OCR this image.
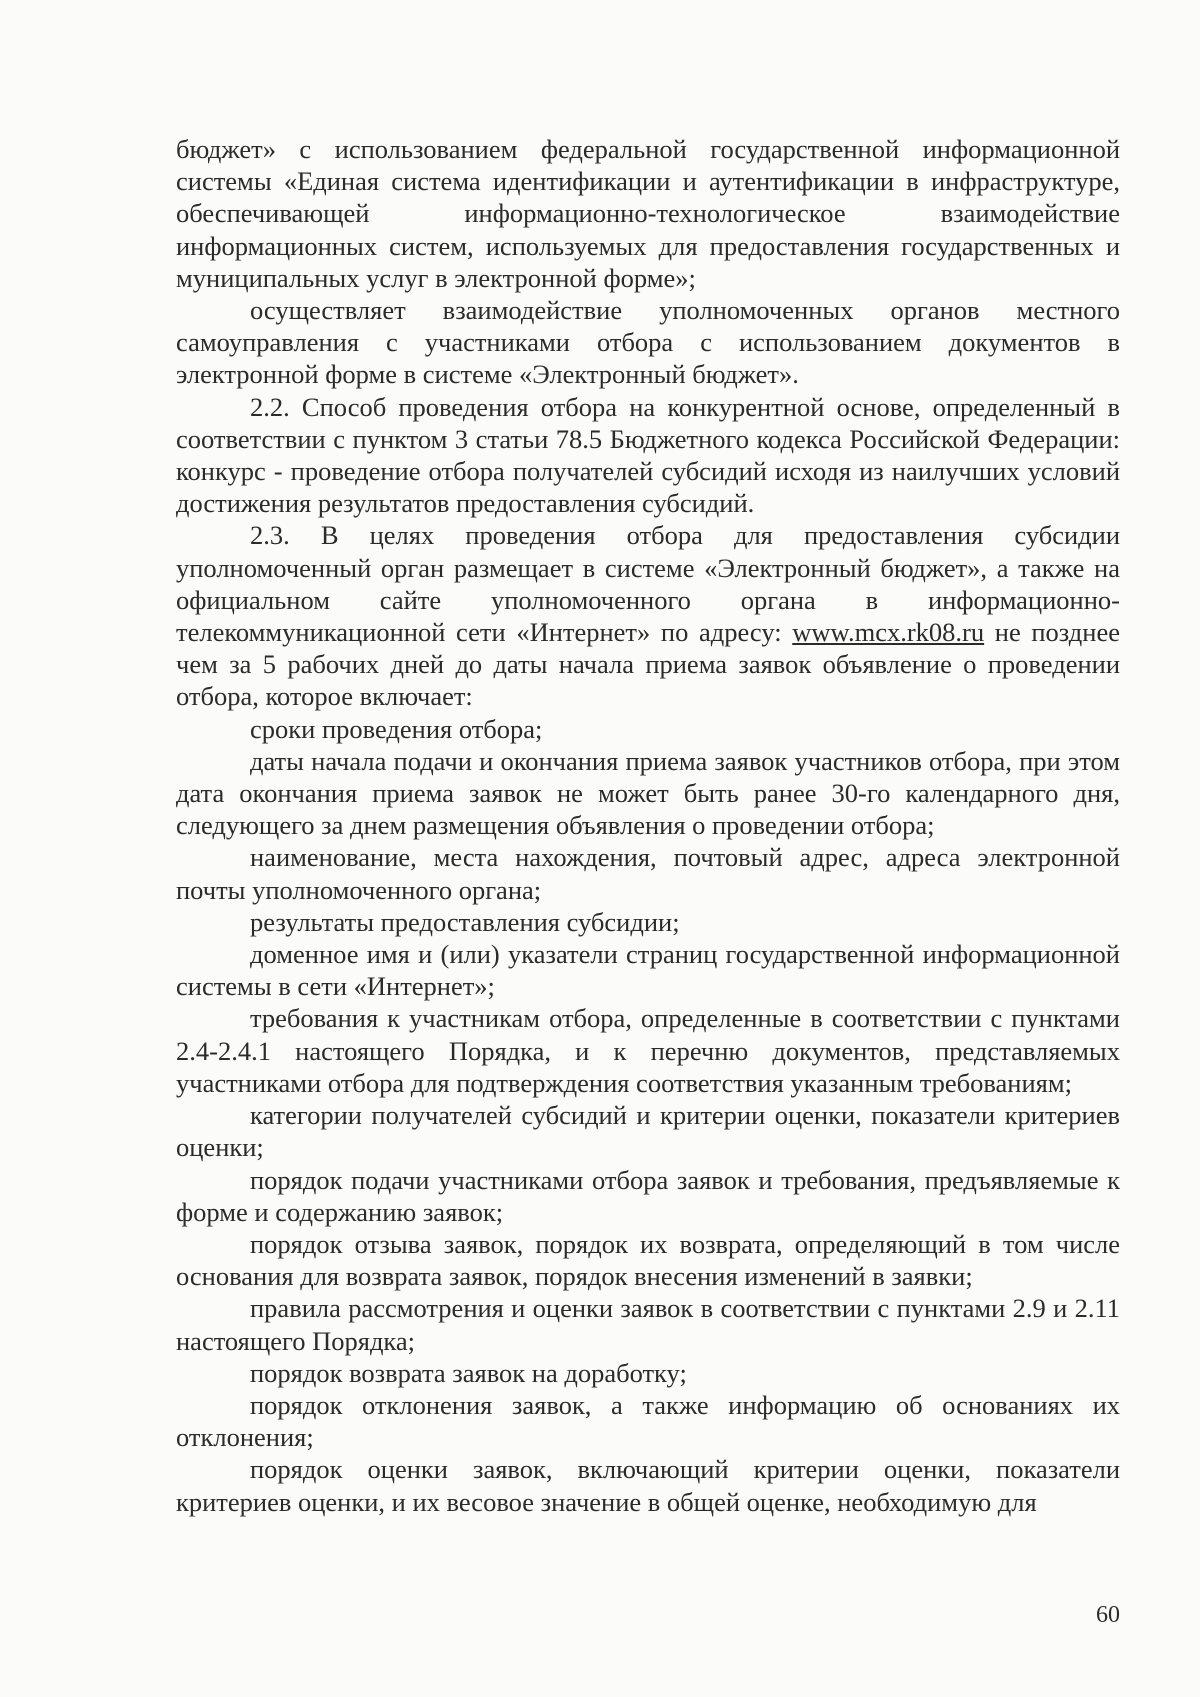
бюджет» с использованием федеральной государственной информационной системы «Единая система идентификации и аутентификации в инфраструктуре, обеспечивающей информационно-технологическое взаимодействие информационных систем, используемых для предоставления государственных и муниципальных услуг в электронной форме»;

осуществляет взаимодействие уполномоченных органов местного самоуправления с участниками отбора с использованием документов в электронной форме в системе «Электронный бюджет».

2.2. Способ проведения отбора на конкурентной основе, определенный в соответствии с пунктом 3 статьи 78.5 Бюджетного кодекса Российской Федерации: конкурс - проведение отбора получателей субсидий исходя из наилучших условий достижения результатов предоставления субсидий.

2.3. В целях проведения отбора для предоставления субсидии уполномоченный орган размещает в системе «Электронный бюджет», а также на официальном сайте уполномоченного органа в информационно-телекоммуникационной сети «Интернет» по адресу: www.mcx.rk08.ru не позднее чем за 5 рабочих дней до даты начала приема заявок объявление о проведении отбора, которое включает:

сроки проведения отбора;

даты начала подачи и окончания приема заявок участников отбора, при этом дата окончания приема заявок не может быть ранее 30-го календарного дня, следующего за днем размещения объявления о проведении отбора;

наименование, места нахождения, почтовый адрес, адреса электронной почты уполномоченного органа;

результаты предоставления субсидии;

доменное имя и (или) указатели страниц государственной информационной системы в сети «Интернет»;

требования к участникам отбора, определенные в соответствии с пунктами 2.4-2.4.1 настоящего Порядка, и к перечню документов, представляемых участниками отбора для подтверждения соответствия указанным требованиям;

категории получателей субсидий и критерии оценки, показатели критериев оценки;

порядок подачи участниками отбора заявок и требования, предъявляемые к форме и содержанию заявок;

порядок отзыва заявок, порядок их возврата, определяющий в том числе основания для возврата заявок, порядок внесения изменений в заявки;

правила рассмотрения и оценки заявок в соответствии с пунктами 2.9 и 2.11 настоящего Порядка;

порядок возврата заявок на доработку;

порядок отклонения заявок, а также информацию об основаниях их отклонения;

порядок оценки заявок, включающий критерии оценки, показатели критериев оценки, и их весовое значение в общей оценке, необходимую для

60
